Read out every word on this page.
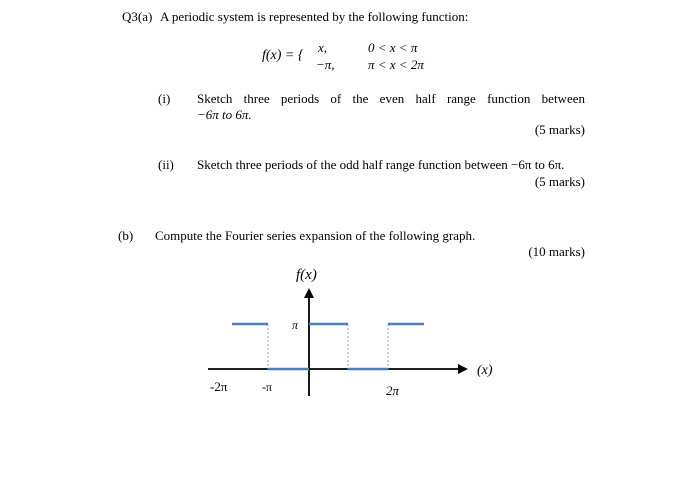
Q3(a) A periodic system is represented by the following function:
f(x) = {
x,	0 < x < π
−π,	π < x < 2π
(i) Sketch three periods of the even half range function between
−6π to 6π.
(5 marks)
(ii) Sketch three periods of the odd half range function between −6π to 6π.
(5 marks)
(b) Compute the Fourier series expansion of the following graph.
(10 marks)
f(x)
π
(x)
-2π	-π	2π
